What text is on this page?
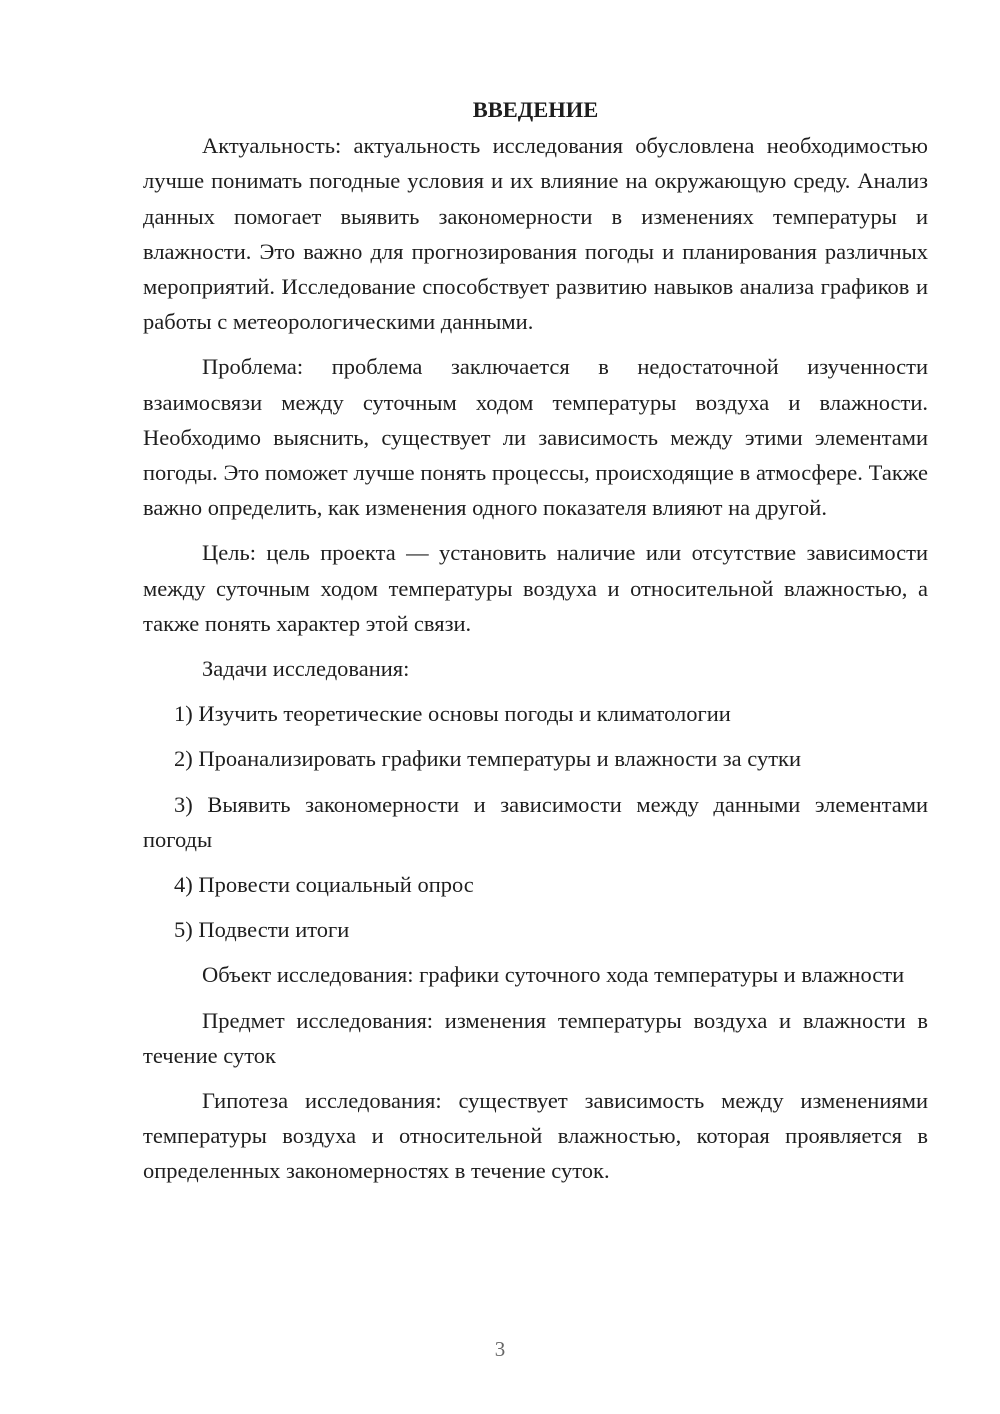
ВВЕДЕНИЕ

Актуальность: актуальность исследования обусловлена необходимостью лучше понимать погодные условия и их влияние на окружающую среду. Анализ данных помогает выявить закономерности в изменениях температуры и влажности. Это важно для прогнозирования погоды и планирования различных мероприятий. Исследование способствует развитию навыков анализа графиков и работы с метеорологическими данными.

Проблема: проблема заключается в недостаточной изученности взаимосвязи между суточным ходом температуры воздуха и влажности. Необходимо выяснить, существует ли зависимость между этими элементами погоды. Это поможет лучше понять процессы, происходящие в атмосфере. Также важно определить, как изменения одного показателя влияют на другой.

Цель: цель проекта — установить наличие или отсутствие зависимости между суточным ходом температуры воздуха и относительной влажностью, а также понять характер этой связи.

Задачи исследования:

1) Изучить теоретические основы погоды и климатологии

2) Проанализировать графики температуры и влажности за сутки

3) Выявить закономерности и зависимости между данными элементами погоды

4) Провести социальный опрос

5) Подвести итоги

Объект исследования: графики суточного хода температуры и влажности

Предмет исследования: изменения температуры воздуха и влажности в течение суток

Гипотеза исследования: существует зависимость между изменениями температуры воздуха и относительной влажностью, которая проявляется в определенных закономерностях в течение суток.

3
